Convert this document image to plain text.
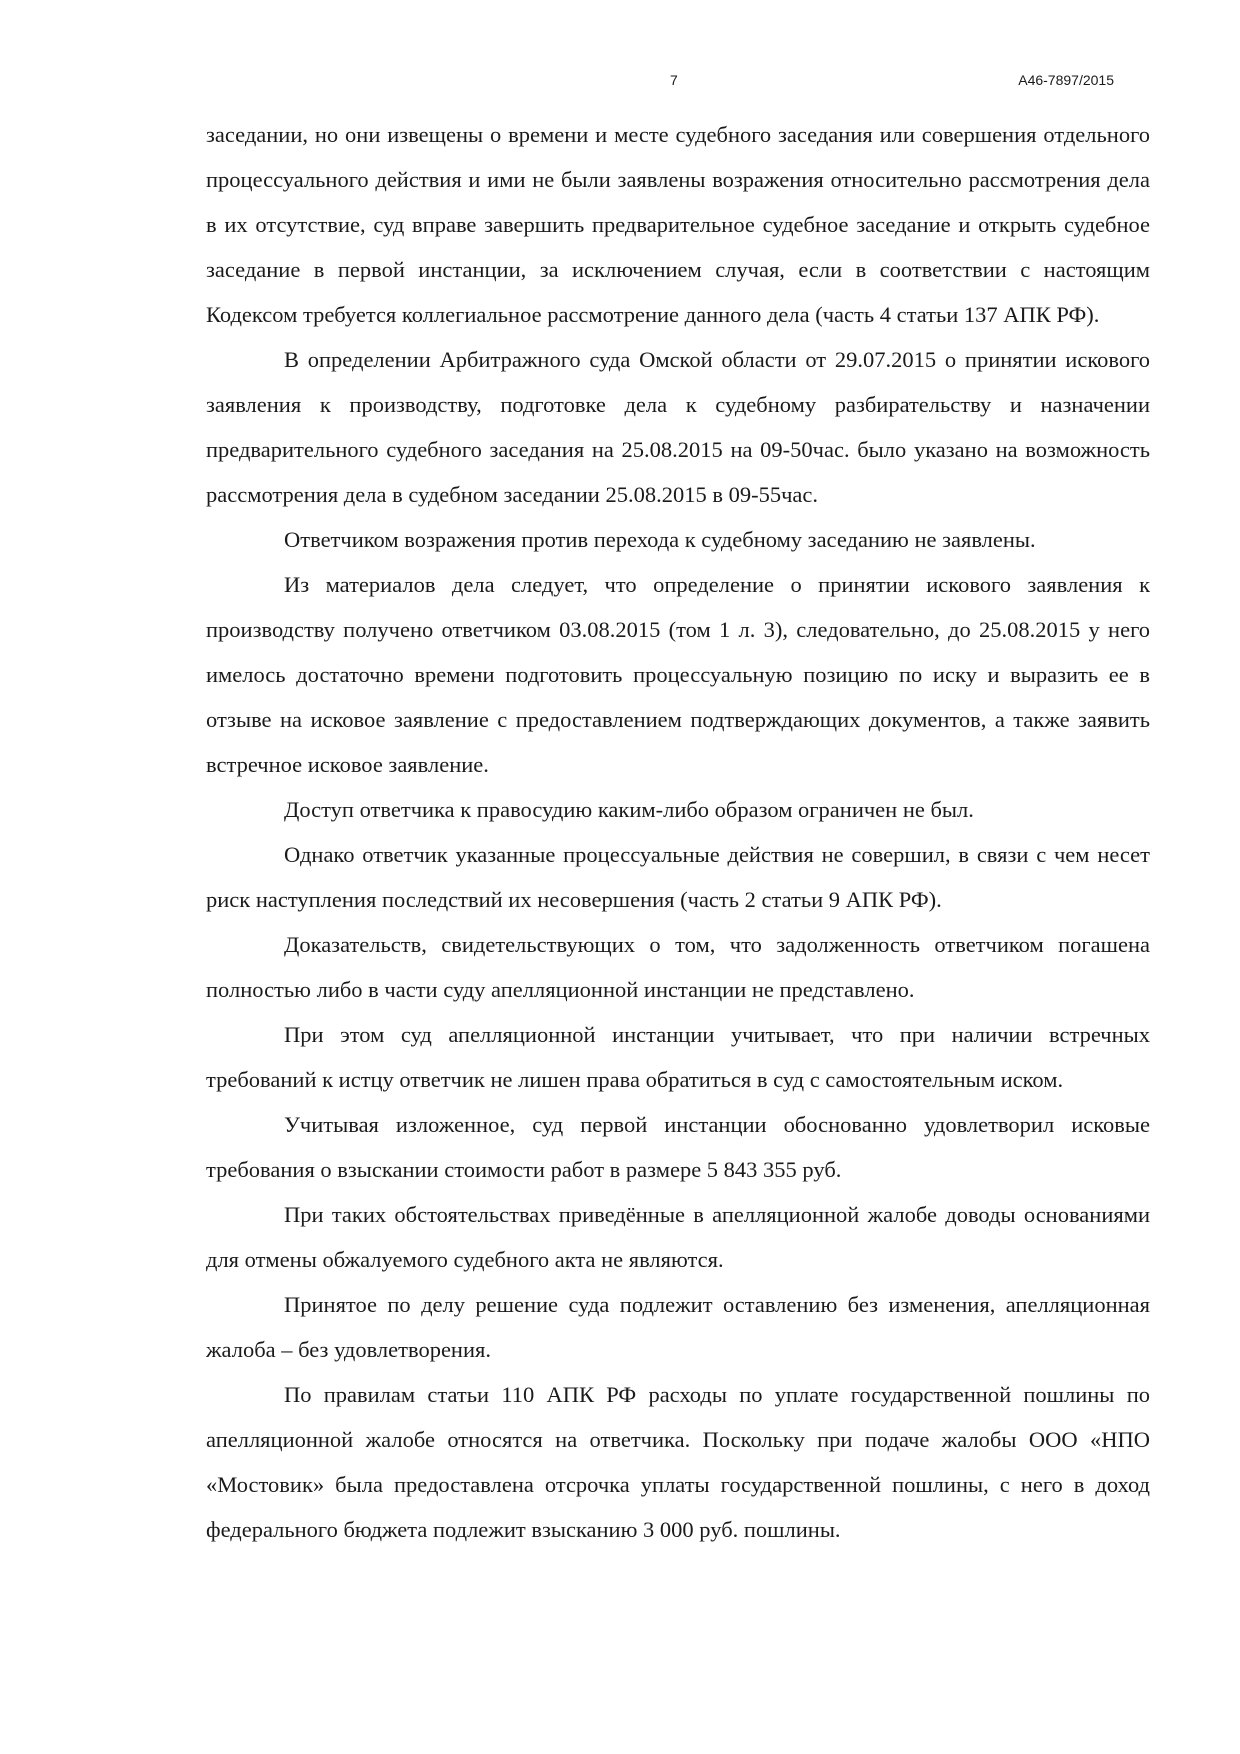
7	А46-7897/2015

заседании, но они извещены о времени и месте судебного заседания или совершения отдельного процессуального действия и ими не были заявлены возражения относительно рассмотрения дела в их отсутствие, суд вправе завершить предварительное судебное заседание и открыть судебное заседание в первой инстанции, за исключением случая, если в соответствии с настоящим Кодексом требуется коллегиальное рассмотрение данного дела (часть 4 статьи 137 АПК РФ).

В определении Арбитражного суда Омской области от 29.07.2015 о принятии искового заявления к производству, подготовке дела к судебному разбирательству и назначении предварительного судебного заседания на 25.08.2015 на 09-50час. было указано на возможность рассмотрения дела в судебном заседании 25.08.2015 в 09-55час.

Ответчиком возражения против перехода к судебному заседанию не заявлены.

Из материалов дела следует, что определение о принятии искового заявления к производству получено ответчиком 03.08.2015 (том 1 л. 3), следовательно, до 25.08.2015 у него имелось достаточно времени подготовить процессуальную позицию по иску и выразить ее в отзыве на исковое заявление с предоставлением подтверждающих документов, а также заявить встречное исковое заявление.

Доступ ответчика к правосудию каким-либо образом ограничен не был.

Однако ответчик указанные процессуальные действия не совершил, в связи с чем несет риск наступления последствий их несовершения (часть 2 статьи 9 АПК РФ).

Доказательств, свидетельствующих о том, что задолженность ответчиком погашена полностью либо в части суду апелляционной инстанции не представлено.

При этом суд апелляционной инстанции учитывает, что при наличии встречных требований к истцу ответчик не лишен права обратиться в суд с самостоятельным иском.

Учитывая изложенное, суд первой инстанции обоснованно удовлетворил исковые требования о взыскании стоимости работ в размере 5 843 355 руб.

При таких обстоятельствах приведённые в апелляционной жалобе доводы основаниями для отмены обжалуемого судебного акта не являются.

Принятое по делу решение суда подлежит оставлению без изменения, апелляционная жалоба – без удовлетворения.

По правилам статьи 110 АПК РФ расходы по уплате государственной пошлины по апелляционной жалобе относятся на ответчика. Поскольку при подаче жалобы ООО «НПО «Мостовик» была предоставлена отсрочка уплаты государственной пошлины, с него в доход федерального бюджета подлежит взысканию 3 000 руб. пошлины.
